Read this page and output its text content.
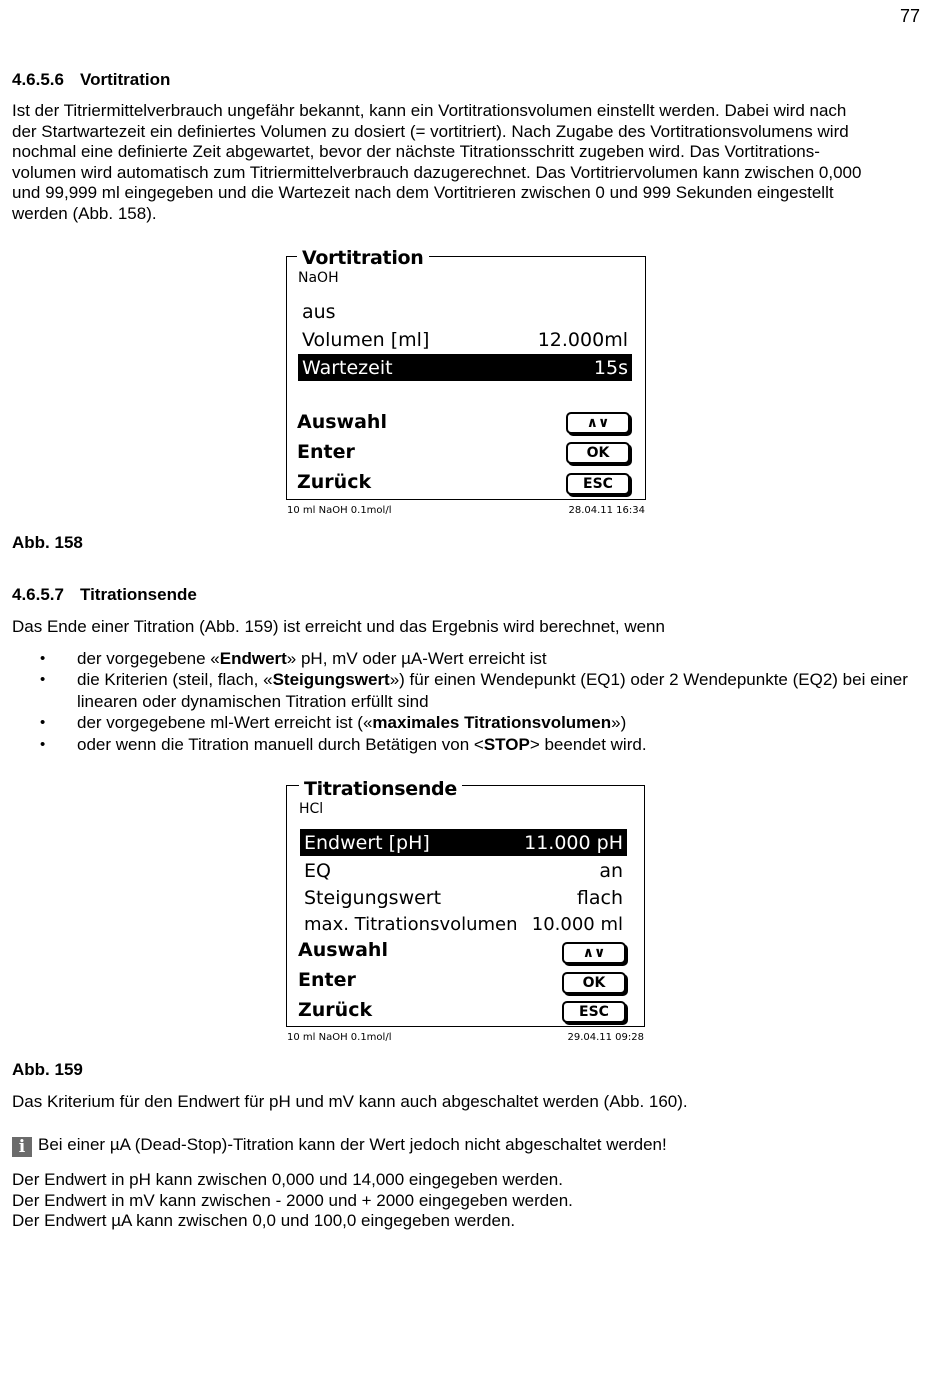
77
4.6.5.6 Vortitration
Ist der Titriermittelverbrauch ungefähr bekannt, kann ein Vortitrationsvolumen einstellt werden. Dabei wird nach
der Startwartezeit ein definiertes Volumen zu dosiert (= vortitriert). Nach Zugabe des Vortitrationsvolumens wird
nochmal eine definierte Zeit abgewartet, bevor der nächste Titrationsschritt zugeben wird. Das Vortitrations-
volumen wird automatisch zum Titriermittelverbrauch dazugerechnet. Das Vortitriervolumen kann zwischen 0,000
und 99,999 ml eingegeben und die Wartezeit nach dem Vortitrieren zwischen 0 und 999 Sekunden eingestellt
werden (Abb. 158).
Vortitration
NaOH
aus
Volumen [ml]	12.000ml
Wartezeit	15s
Auswahl	∧∨
Enter	OK
Zurück	ESC
10 ml NaOH 0.1mol/l	28.04.11 16:34
Abb. 158
4.6.5.7 Titrationsende
Das Ende einer Titration (Abb. 159) ist erreicht und das Ergebnis wird berechnet, wenn
• der vorgegebene «Endwert» pH, mV oder µA-Wert erreicht ist
• die Kriterien (steil, flach, «Steigungswert») für einen Wendepunkt (EQ1) oder 2 Wendepunkte (EQ2) bei einer linearen oder dynamischen Titration erfüllt sind
• der vorgegebene ml-Wert erreicht ist («maximales Titrationsvolumen»)
• oder wenn die Titration manuell durch Betätigen von <STOP> beendet wird.
Titrationsende
HCl
Endwert [pH]	11.000 pH
EQ	an
Steigungswert	flach
max. Titrationsvolumen 10.000 ml
Auswahl	∧∨
Enter	OK
Zurück	ESC
10 ml NaOH 0.1mol/l	29.04.11 09:28
Abb. 159
Das Kriterium für den Endwert für pH und mV kann auch abgeschaltet werden (Abb. 160).
i Bei einer µA (Dead-Stop)-Titration kann der Wert jedoch nicht abgeschaltet werden!
Der Endwert in pH kann zwischen 0,000 und 14,000 eingegeben werden.
Der Endwert in mV kann zwischen - 2000 und + 2000 eingegeben werden.
Der Endwert µA kann zwischen 0,0 und 100,0 eingegeben werden.
